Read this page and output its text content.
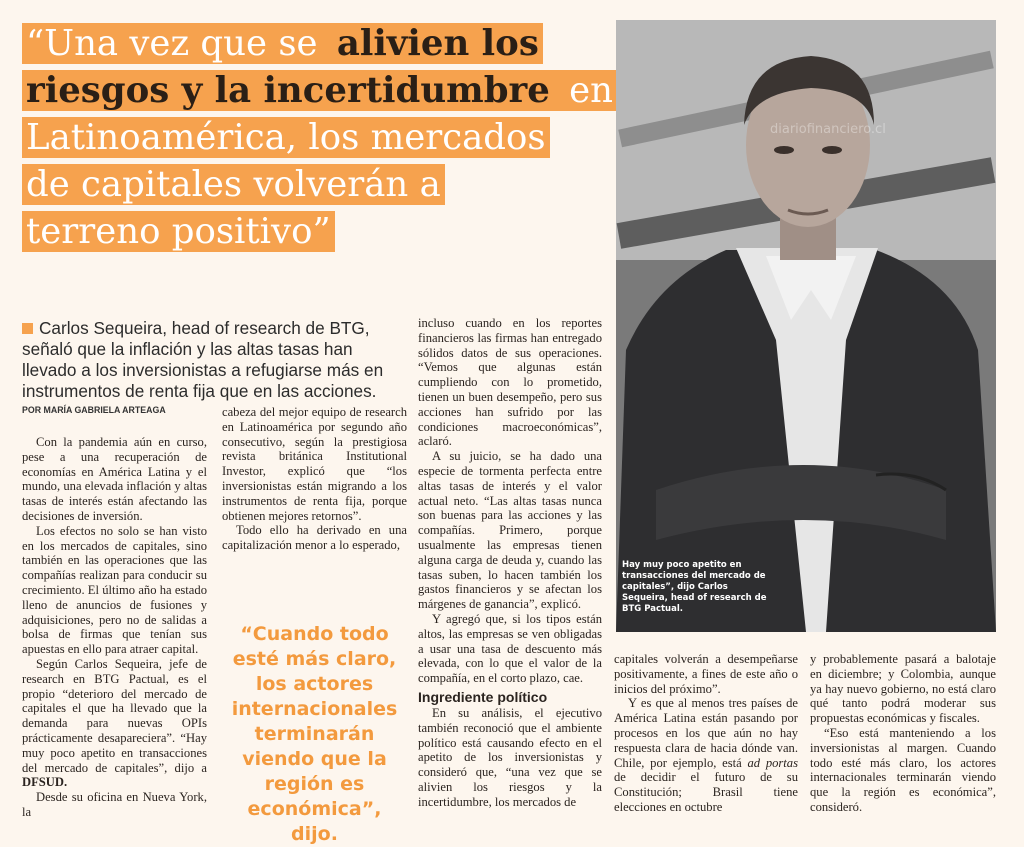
“Una vez que se alivien los
riesgos y la incertidumbre en
Latinoamérica, los mercados
de capitales volverán a
terreno positivo”
diariofinanciero.cl
Hay muy poco apetito en transacciones del mercado de capitales”, dijo Carlos Sequeira, head of research de BTG Pactual.
Carlos Sequeira, head of research de BTG, señaló que la inflación y las altas tasas han llevado a los inversionistas a refugiarse más en instrumentos de renta fija que en las acciones.
POR MARÍA GABRIELA ARTEAGA

Con la pandemia aún en curso, pese a una recuperación de economías en América Latina y el mundo, una elevada inflación y altas tasas de interés están afectando las decisiones de inversión.

Los efectos no solo se han visto en los mercados de capitales, sino también en las operaciones que las compañías realizan para conducir su crecimiento. El último año ha estado lleno de anuncios de fusiones y adquisiciones, pero no de salidas a bolsa de firmas que tenían sus apuestas en ello para atraer capital.

Según Carlos Sequeira, jefe de research en BTG Pactual, es el propio “deterioro del mercado de capitales el que ha llevado que la demanda para nuevas OPIs prácticamente desapareciera”. “Hay muy poco apetito en transacciones del mercado de capitales”, dijo a DFSUD.

Desde su oficina en Nueva York, la

cabeza del mejor equipo de research en Latinoamérica por segundo año consecutivo, según la prestigiosa revista británica Institutional Investor, explicó que “los inversionistas están migrando a los instrumentos de renta fija, porque obtienen mejores retornos”.

Todo ello ha derivado en una capitalización menor a lo esperado,

“Cuando todo esté más claro, los actores internacionales terminarán viendo que la región es económica”, dijo.

incluso cuando en los reportes financieros las firmas han entregado sólidos datos de sus operaciones. “Vemos que algunas están cumpliendo con lo prometido, tienen un buen desempeño, pero sus acciones han sufrido por las condiciones macroeconómicas”, aclaró.

A su juicio, se ha dado una especie de tormenta perfecta entre altas tasas de interés y el valor actual neto. “Las altas tasas nunca son buenas para las acciones y las compañías. Primero, porque usualmente las empresas tienen alguna carga de deuda y, cuando las tasas suben, lo hacen también los gastos financieros y se afectan los márgenes de ganancia”, explicó.

Y agregó que, si los tipos están altos, las empresas se ven obligadas a usar una tasa de descuento más elevada, con lo que el valor de la compañía, en el corto plazo, cae.

Ingrediente político

En su análisis, el ejecutivo también reconoció que el ambiente político está causando efecto en el apetito de los inversionistas y consideró que, “una vez que se alivien los riesgos y la incertidumbre, los mercados de

capitales volverán a desempeñarse positivamente, a fines de este año o inicios del próximo”.

Y es que al menos tres países de América Latina están pasando por procesos en los que aún no hay respuesta clara de hacia dónde van. Chile, por ejemplo, está ad portas de decidir el futuro de su Constitución; Brasil tiene elecciones en octubre

y probablemente pasará a balotaje en diciembre; y Colombia, aunque ya hay nuevo gobierno, no está claro qué tanto podrá moderar sus propuestas económicas y fiscales.

“Eso está manteniendo a los inversionistas al margen. Cuando todo esté más claro, los actores internacionales terminarán viendo que la región es económica”, consideró.
